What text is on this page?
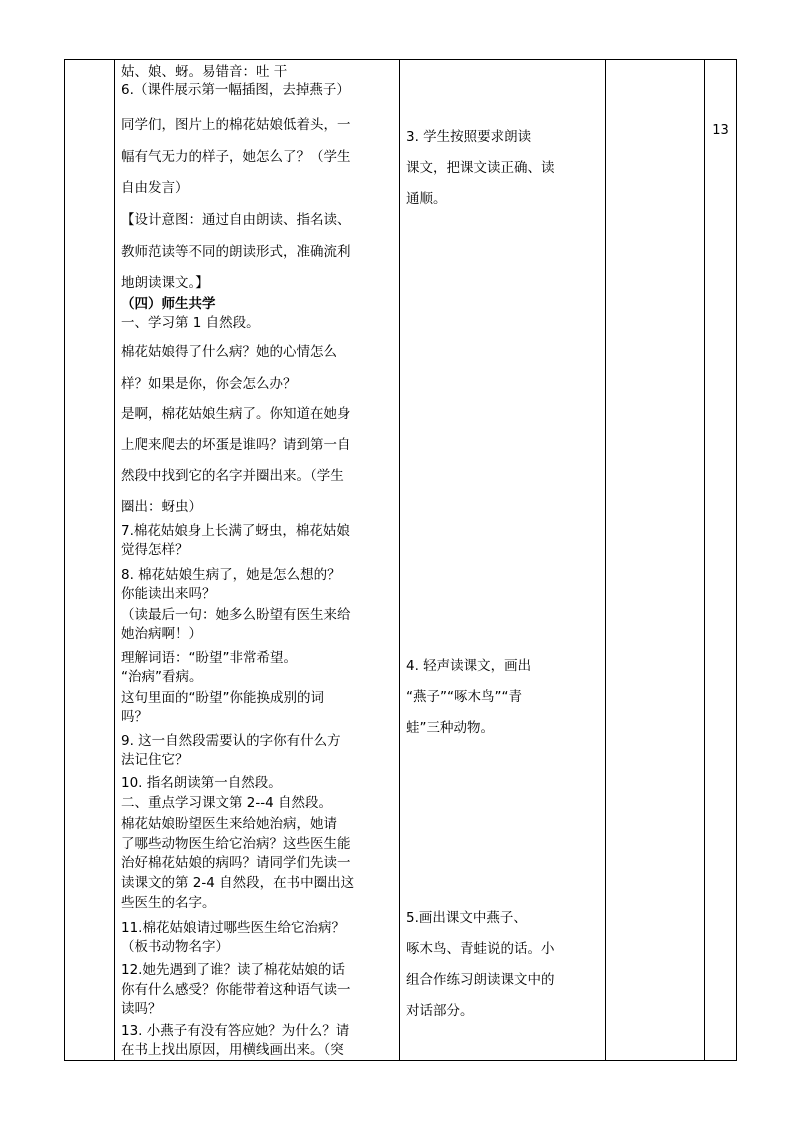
姑、娘、蚜。易错音：吐 干
6.（课件展示第一幅插图，去掉燕子）
同学们，图片上的棉花姑娘低着头，一
幅有气无力的样子，她怎么了？（学生
自由发言）
【设计意图：通过自由朗读、指名读、
教师范读等不同的朗读形式，准确流利
地朗读课文。】
（四）师生共学
一、学习第 1 自然段。
棉花姑娘得了什么病？她的心情怎么
样？如果是你，你会怎么办？
是啊，棉花姑娘生病了。你知道在她身
上爬来爬去的坏蛋是谁吗？请到第一自
然段中找到它的名字并圈出来。（学生
圈出：蚜虫）
7.棉花姑娘身上长满了蚜虫，棉花姑娘
觉得怎样？
8. 棉花姑娘生病了，她是怎么想的？
你能读出来吗？
（读最后一句：她多么盼望有医生来给
她治病啊！）
理解词语：“盼望”非常希望。
“治病”看病。
这句里面的“盼望”你能换成别的词
吗？
9. 这一自然段需要认的字你有什么方
法记住它？
10. 指名朗读第一自然段。
二、重点学习课文第 2--4 自然段。
棉花姑娘盼望医生来给她治病，她请
了哪些动物医生给它治病？这些医生能
治好棉花姑娘的病吗？请同学们先读一
读课文的第 2-4 自然段，在书中圈出这
些医生的名字。
11.棉花姑娘请过哪些医生给它治病？
（板书动物名字）
12.她先遇到了谁？读了棉花姑娘的话
你有什么感受？你能带着这种语气读一
读吗？
13. 小燕子有没有答应她？为什么？请
在书上找出原因，用横线画出来。（突
3. 学生按照要求朗读
课文，把课文读正确、读
通顺。
4. 轻声读课文，画出
“燕子”“啄木鸟”“青
蛙”三种动物。
5.画出课文中燕子、
啄木鸟、青蛙说的话。小
组合作练习朗读课文中的
对话部分。
13
